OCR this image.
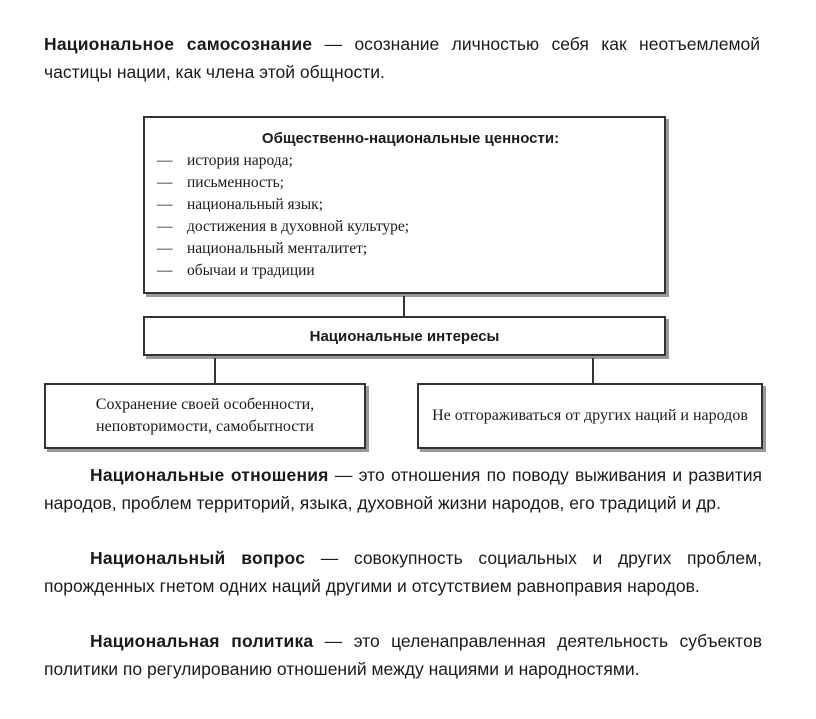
Национальное самосознание — осознание личностью себя как неотъемлемой частицы нации, как члена этой общности.

Общественно-национальные ценности:
— история народа;
— письменность;
— национальный язык;
— достижения в духовной культуре;
— национальный менталитет;
— обычаи и традиции
Национальные интересы
Сохранение своей особенности, неповторимости, самобытности
Не отгораживаться от других наций и народов

Национальные отношения — это отношения по поводу выживания и развития народов, проблем территорий, языка, духовной жизни народов, его традиций и др.

Национальный вопрос — совокупность социальных и других проблем, порожденных гнетом одних наций другими и отсутствием равноправия народов.

Национальная политика — это целенаправленная деятельность субъектов политики по регулированию отношений между нациями и народностями.
